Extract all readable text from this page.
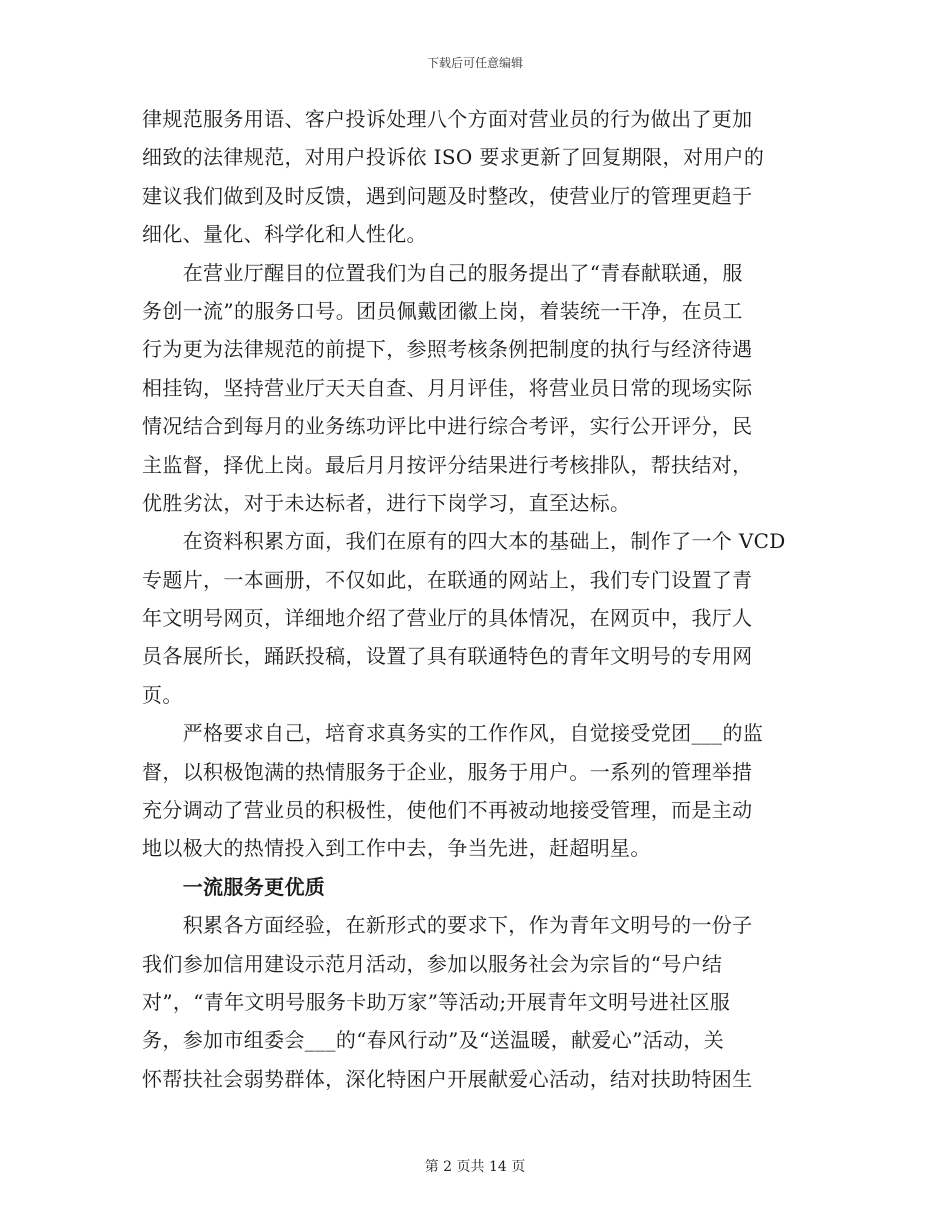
下载后可任意编辑
律规范服务用语、客户投诉处理八个方面对营业员的行为做出了更加
细致的法律规范，对用户投诉依 ISO 要求更新了回复期限，对用户的
建议我们做到及时反馈，遇到问题及时整改，使营业厅的管理更趋于
细化、量化、科学化和人性化。
　　在营业厅醒目的位置我们为自己的服务提出了“青春献联通，服
务创一流”的服务口号。团员佩戴团徽上岗，着装统一干净，在员工
行为更为法律规范的前提下，参照考核条例把制度的执行与经济待遇
相挂钩，坚持营业厅天天自查、月月评佳，将营业员日常的现场实际
情况结合到每月的业务练功评比中进行综合考评，实行公开评分，民
主监督，择优上岗。最后月月按评分结果进行考核排队，帮扶结对，
优胜劣汰，对于未达标者，进行下岗学习，直至达标。
　　在资料积累方面，我们在原有的四大本的基础上，制作了一个 VCD
专题片，一本画册，不仅如此，在联通的网站上，我们专门设置了青
年文明号网页，详细地介绍了营业厅的具体情况，在网页中，我厅人
员各展所长，踊跃投稿，设置了具有联通特色的青年文明号的专用网
页。
　　严格要求自己，培育求真务实的工作作风，自觉接受党团___的监
督，以积极饱满的热情服务于企业，服务于用户。一系列的管理举措
充分调动了营业员的积极性，使他们不再被动地接受管理，而是主动
地以极大的热情投入到工作中去，争当先进，赶超明星。
　　一流服务更优质
　　积累各方面经验，在新形式的要求下，作为青年文明号的一份子
我们参加信用建设示范月活动，参加以服务社会为宗旨的“号户结
对”，“青年文明号服务卡助万家”等活动;开展青年文明号进社区服
务，参加市组委会___的“春风行动”及“送温暖，献爱心”活动，关
怀帮扶社会弱势群体，深化特困户开展献爱心活动，结对扶助特困生
第 2 页共 14 页
